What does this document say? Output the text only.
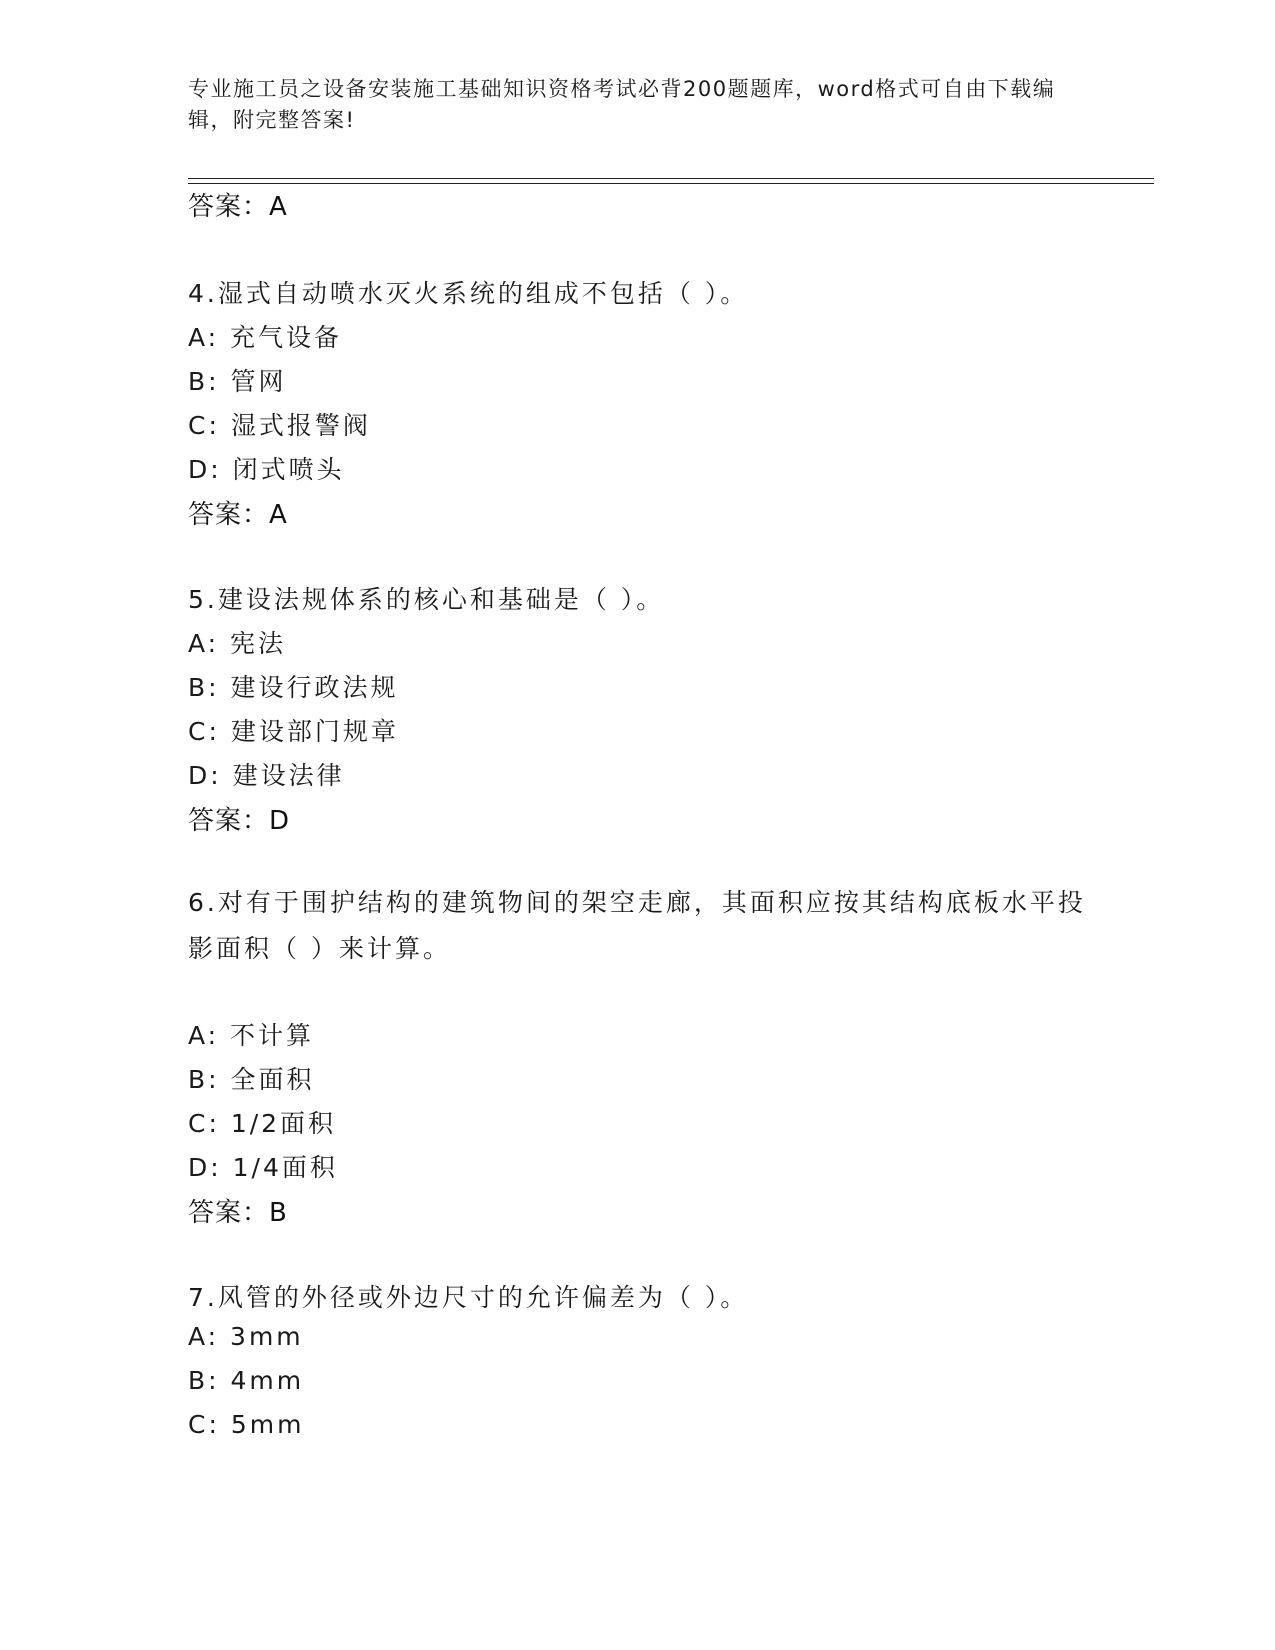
专业施工员之设备安装施工基础知识资格考试必背200题题库，word格式可自由下载编辑，附完整答案!
答案：A
4.湿式自动喷水灭火系统的组成不包括（ ）。
A: 充气设备
B: 管网
C: 湿式报警阀
D: 闭式喷头
答案：A
5.建设法规体系的核心和基础是（ ）。
A: 宪法
B: 建设行政法规
C: 建设部门规章
D: 建设法律
答案：D
6.对有于围护结构的建筑物间的架空走廊，其面积应按其结构底板水平投影面积（ ）来计算。
A: 不计算
B: 全面积
C: 1/2面积
D: 1/4面积
答案：B
7.风管的外径或外边尺寸的允许偏差为（ ）。
A: 3mm
B: 4mm
C: 5mm
